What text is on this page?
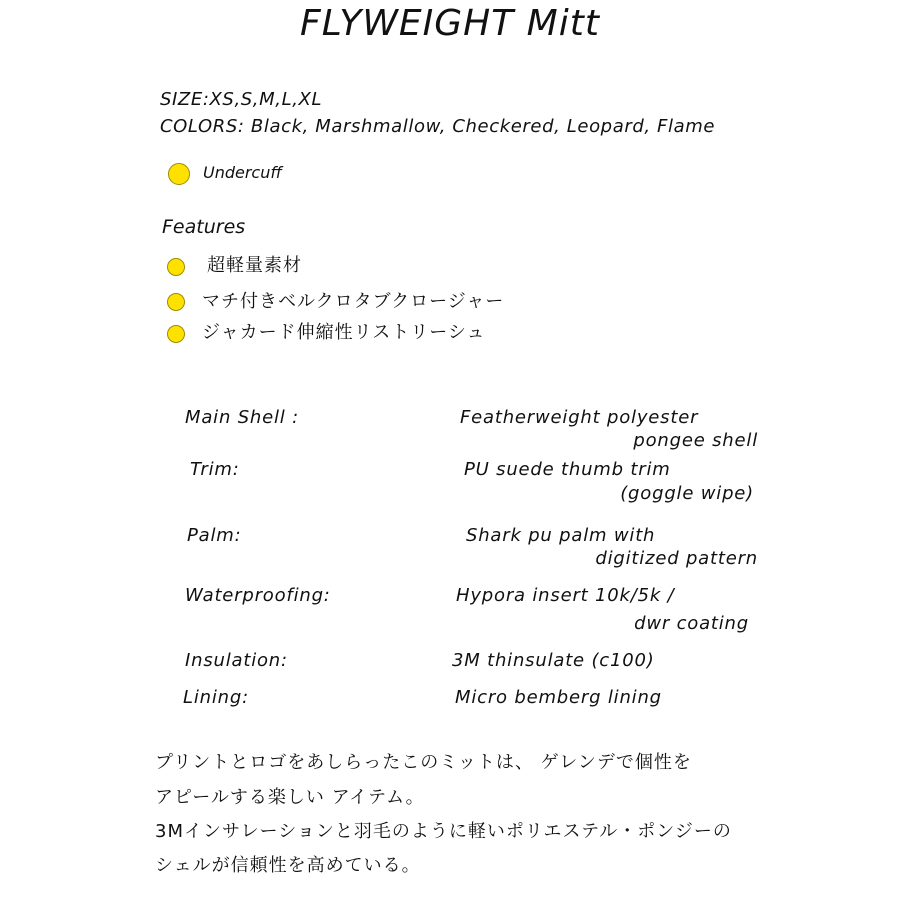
FLYWEIGHT Mitt
SIZE:XS,S,M,L,XL
COLORS: Black, Marshmallow, Checkered, Leopard, Flame
Undercuff
Features
超軽量素材
マチ付きベルクロタブクロージャー
ジャカード伸縮性リストリーシュ
Main Shell :	Featherweight polyester
pongee shell
Trim:	PU suede thumb trim
(goggle wipe)
Palm:	Shark pu palm with
digitized pattern
Waterproofing:	Hypora insert 10k/5k /
dwr coating
Insulation:	3M thinsulate (c100)
Lining:	Micro bemberg lining
プリントとロゴをあしらったこのミットは、 ゲレンデで個性を
アピールする楽しい アイテム。
3Mインサレーションと羽毛のように軽いポリエステル・ポンジーの
シェルが信頼性を高めている。
